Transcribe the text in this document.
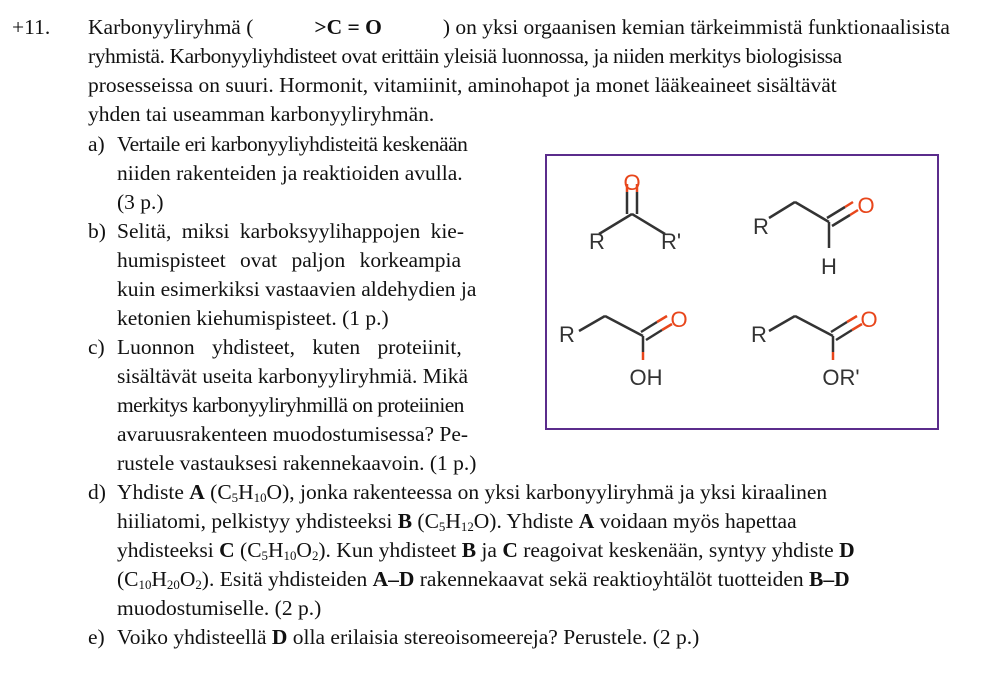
+11. Karbonyyliryhmä (	>C = O	) on yksi orgaanisen kemian tärkeimmistä funktionaalisista
ryhmistä. Karbonyyliyhdisteet ovat erittäin yleisiä luonnossa, ja niiden merkitys biologisissa
prosesseissa on suuri. Hormonit, vitamiinit, aminohapot ja monet lääkeaineet sisältävät
yhden tai useamman karbonyyliryhmän.
a) Vertaile eri karbonyyliyhdisteitä keskenään
niiden rakenteiden ja reaktioiden avulla.
(3 p.)
b) Selitä, miksi karboksyylihappojen kie-
humispisteet ovat paljon korkeampia
kuin esimerkiksi vastaavien aldehydien ja
ketonien kiehumispisteet. (1 p.)
c) Luonnon yhdisteet, kuten proteiinit,
sisältävät useita karbonyyliryhmiä. Mikä
merkitys karbonyyliryhmillä on proteiinien
avaruusrakenteen muodostumisessa? Pe-
rustele vastauksesi rakennekaavoin. (1 p.)
d) Yhdiste A $(C_5H_{10}O)$, jonka rakenteessa on yksi karbonyyliryhmä ja yksi kiraalinen
hiiliatomi, pelkistyy yhdisteeksi B $(C_5H_{12}O)$. Yhdiste A voidaan myös hapettaa
yhdisteeksi C $(C_5H_{10}O_2)$. Kun yhdisteet B ja C reagoivat keskenään, syntyy yhdiste D
$(C_{10}H_{20}O_2)$. Esitä yhdisteiden A–D rakennekaavat sekä reaktioyhtälöt tuotteiden B–D
muodostumiselle. (2 p.)
e) Voiko yhdisteellä D olla erilaisia stereoisomeereja? Perustele. (2 p.)
O
R	R'
R
O
H
R
O
OH
R
O
OR'
